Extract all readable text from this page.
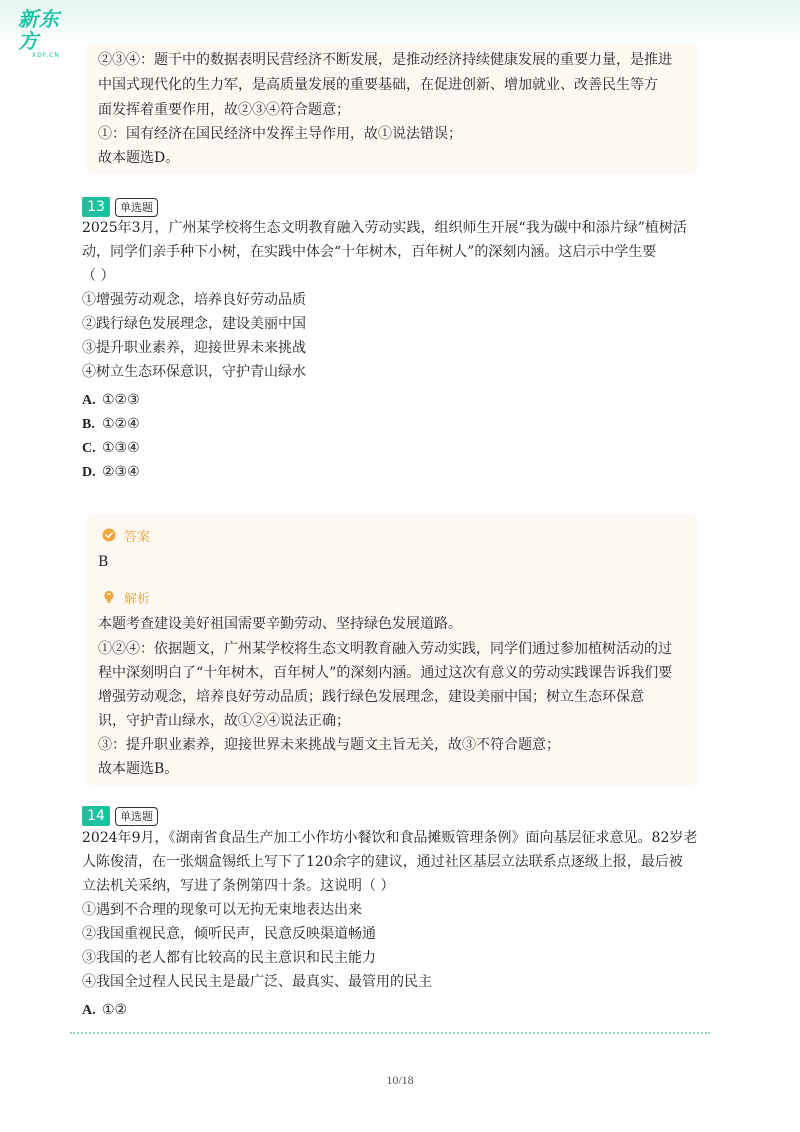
新东方
XDF.CN	②③④：题干中的数据表明民营经济不断发展，是推动经济持续健康发展的重要力量，是推进
中国式现代化的生力军，是高质量发展的重要基础，在促进创新、增加就业、改善民生等方
面发挥着重要作用，故②③④符合题意；
①：国有经济在国民经济中发挥主导作用，故①说法错误；
故本题选D。
13	单选题
2025年3月，广州某学校将生态文明教育融入劳动实践，组织师生开展“我为碳中和添片绿”植树活
动，同学们亲手种下小树，在实践中体会“十年树木，百年树人”的深刻内涵。这启示中学生要
（ ）
①增强劳动观念，培养良好劳动品质
②践行绿色发展理念，建设美丽中国
③提升职业素养，迎接世界未来挑战
④树立生态环保意识，守护青山绿水
A. ①②③
B. ①②④
C. ①③④
D. ②③④
答案
B
解析
本题考查建设美好祖国需要辛勤劳动、坚持绿色发展道路。
①②④：依据题文，广州某学校将生态文明教育融入劳动实践，同学们通过参加植树活动的过
程中深刻明白了“十年树木，百年树人”的深刻内涵。通过这次有意义的劳动实践课告诉我们要
增强劳动观念，培养良好劳动品质；践行绿色发展理念，建设美丽中国；树立生态环保意
识，守护青山绿水，故①②④说法正确；
③：提升职业素养，迎接世界未来挑战与题文主旨无关，故③不符合题意；
故本题选B。
14	单选题
2024年9月，《湖南省食品生产加工小作坊小餐饮和食品摊贩管理条例》面向基层征求意见。82岁老
人陈俊清，在一张烟盒锡纸上写下了120余字的建议，通过社区基层立法联系点逐级上报，最后被
立法机关采纳，写进了条例第四十条。这说明（ ）
①遇到不合理的现象可以无拘无束地表达出来
②我国重视民意，倾听民声，民意反映渠道畅通
③我国的老人都有比较高的民主意识和民主能力
④我国全过程人民民主是最广泛、最真实、最管用的民主
A. ①②
10/18
